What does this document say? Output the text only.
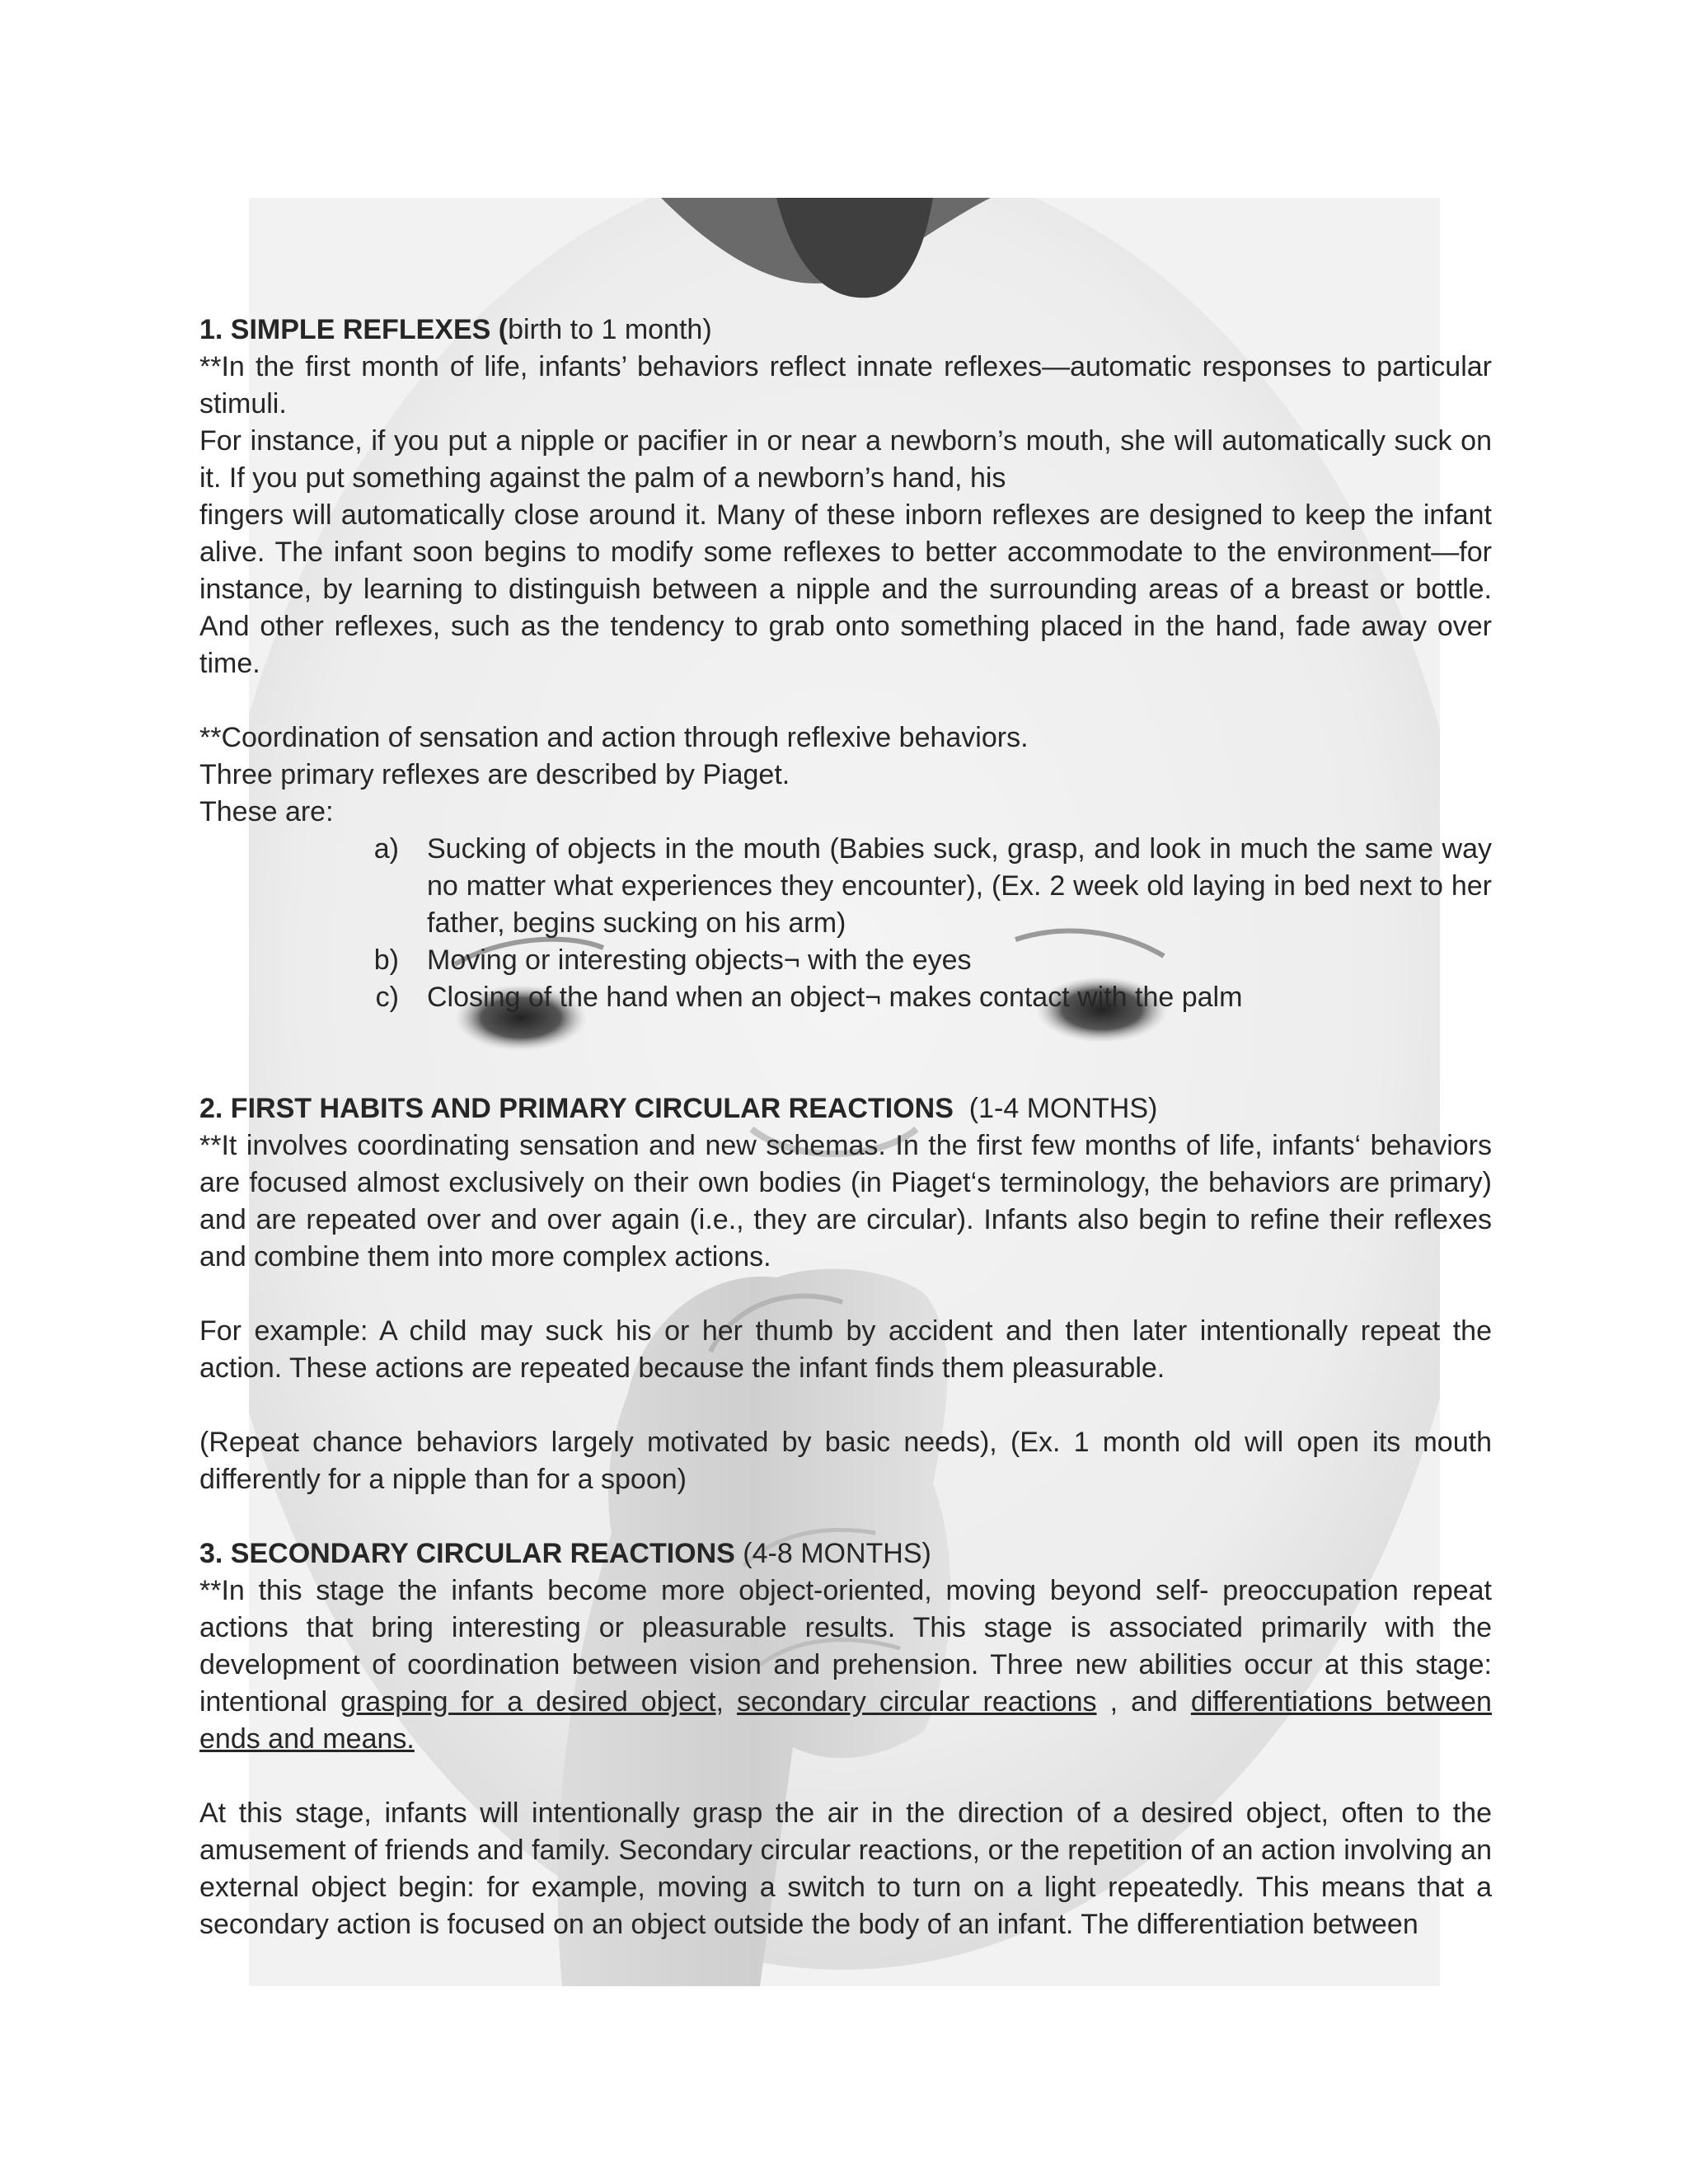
1. SIMPLE REFLEXES (birth to 1 month)

**In the first month of life, infants’ behaviors reflect innate reflexes—automatic responses to particular stimuli.

For instance, if you put a nipple or pacifier in or near a newborn’s mouth, she will automatically suck on it. If you put something against the palm of a newborn’s hand, his

fingers will automatically close around it. Many of these inborn reflexes are designed to keep the infant alive. The infant soon begins to modify some reflexes to better accommodate to the environment—for instance, by learning to distinguish between a nipple and the surrounding areas of a breast or bottle. And other reflexes, such as the tendency to grab onto something placed in the hand, fade away over time.

**Coordination of sensation and action through reflexive behaviors.

Three primary reflexes are described by Piaget.

These are:

a)	Sucking of objects in the mouth (Babies suck, grasp, and look in much the same way no matter what experiences they encounter), (Ex. 2 week old laying in bed next to her father, begins sucking on his arm)
b)	Moving or interesting objects¬ with the eyes
c)	Closing of the hand when an object¬ makes contact with the palm

2. FIRST HABITS AND PRIMARY CIRCULAR REACTIONS (1-4 MONTHS)

**It involves coordinating sensation and new schemas. In the first few months of life, infants‘ behaviors are focused almost exclusively on their own bodies (in Piaget‘s terminology, the behaviors are primary) and are repeated over and over again (i.e., they are circular). Infants also begin to refine their reflexes and combine them into more complex actions.

For example: A child may suck his or her thumb by accident and then later intentionally repeat the action. These actions are repeated because the infant finds them pleasurable.

(Repeat chance behaviors largely motivated by basic needs), (Ex. 1 month old will open its mouth differently for a nipple than for a spoon)

3. SECONDARY CIRCULAR REACTIONS (4-8 MONTHS)

**In this stage the infants become more object-oriented, moving beyond self- preoccupation repeat actions that bring interesting or pleasurable results. This stage is associated primarily with the development of coordination between vision and prehension. Three new abilities occur at this stage: intentional grasping for a desired object, secondary circular reactions , and differentiations between ends and means.

At this stage, infants will intentionally grasp the air in the direction of a desired object, often to the amusement of friends and family. Secondary circular reactions, or the repetition of an action involving an external object begin: for example, moving a switch to turn on a light repeatedly. This means that a secondary action is focused on an object outside the body of an infant. The differentiation between
